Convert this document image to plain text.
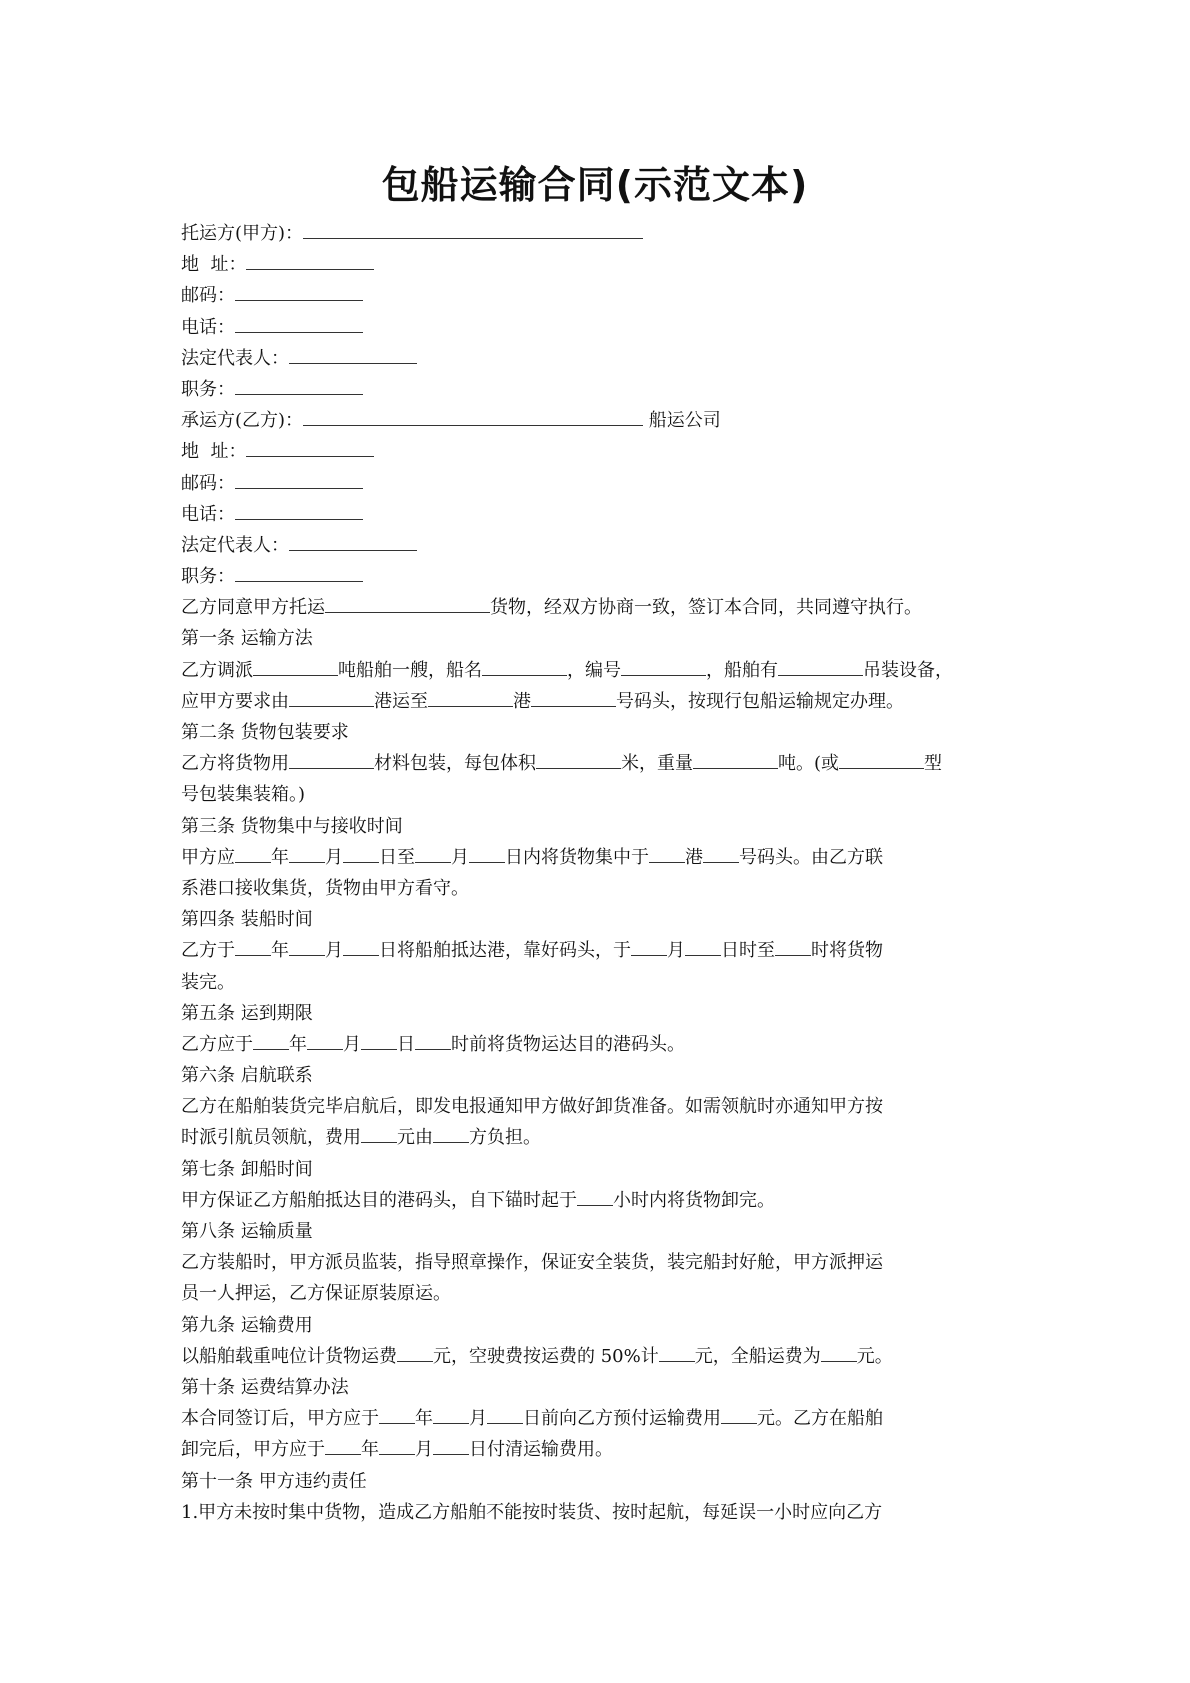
包船运输合同(示范文本)
托运方(甲方)：
地  址：
邮码：
电话：
法定代表人：
职务：
承运方(乙方)：	船运公司
地  址：
邮码：
电话：
法定代表人：
职务：
乙方同意甲方托运	货物，经双方协商一致，签订本合同，共同遵守执行。
第一条 运输方法
乙方调派	吨船舶一艘，船名	，编号	，船舶有	吊装设备，
应甲方要求由	港运至	港	号码头，按现行包船运输规定办理。
第二条 货物包装要求
乙方将货物用	材料包装，每包体积	米，重量	吨。(或	型
号包装集装箱。)
第三条 货物集中与接收时间
甲方应 年 月 日至 月 日内将货物集中于 港 号码头。由乙方联
系港口接收集货，货物由甲方看守。
第四条 装船时间
乙方于 年 月 日将船舶抵达港，靠好码头，于 月 日时至 时将货物
装完。
第五条 运到期限
乙方应于 年 月 日 时前将货物运达目的港码头。
第六条 启航联系
乙方在船舶装货完毕启航后，即发电报通知甲方做好卸货准备。如需领航时亦通知甲方按
时派引航员领航，费用 元由 方负担。
第七条 卸船时间
甲方保证乙方船舶抵达目的港码头，自下锚时起于 小时内将货物卸完。
第八条 运输质量
乙方装船时，甲方派员监装，指导照章操作，保证安全装货，装完船封好舱，甲方派押运
员一人押运，乙方保证原装原运。
第九条 运输费用
以船舶载重吨位计货物运费 元，空驶费按运费的 50%计 元，全船运费为 元。
第十条 运费结算办法
本合同签订后，甲方应于 年 月 日前向乙方预付运输费用 元。乙方在船舶
卸完后，甲方应于 年 月 日付清运输费用。
第十一条 甲方违约责任
1.甲方未按时集中货物，造成乙方船舶不能按时装货、按时起航，每延误一小时应向乙方
